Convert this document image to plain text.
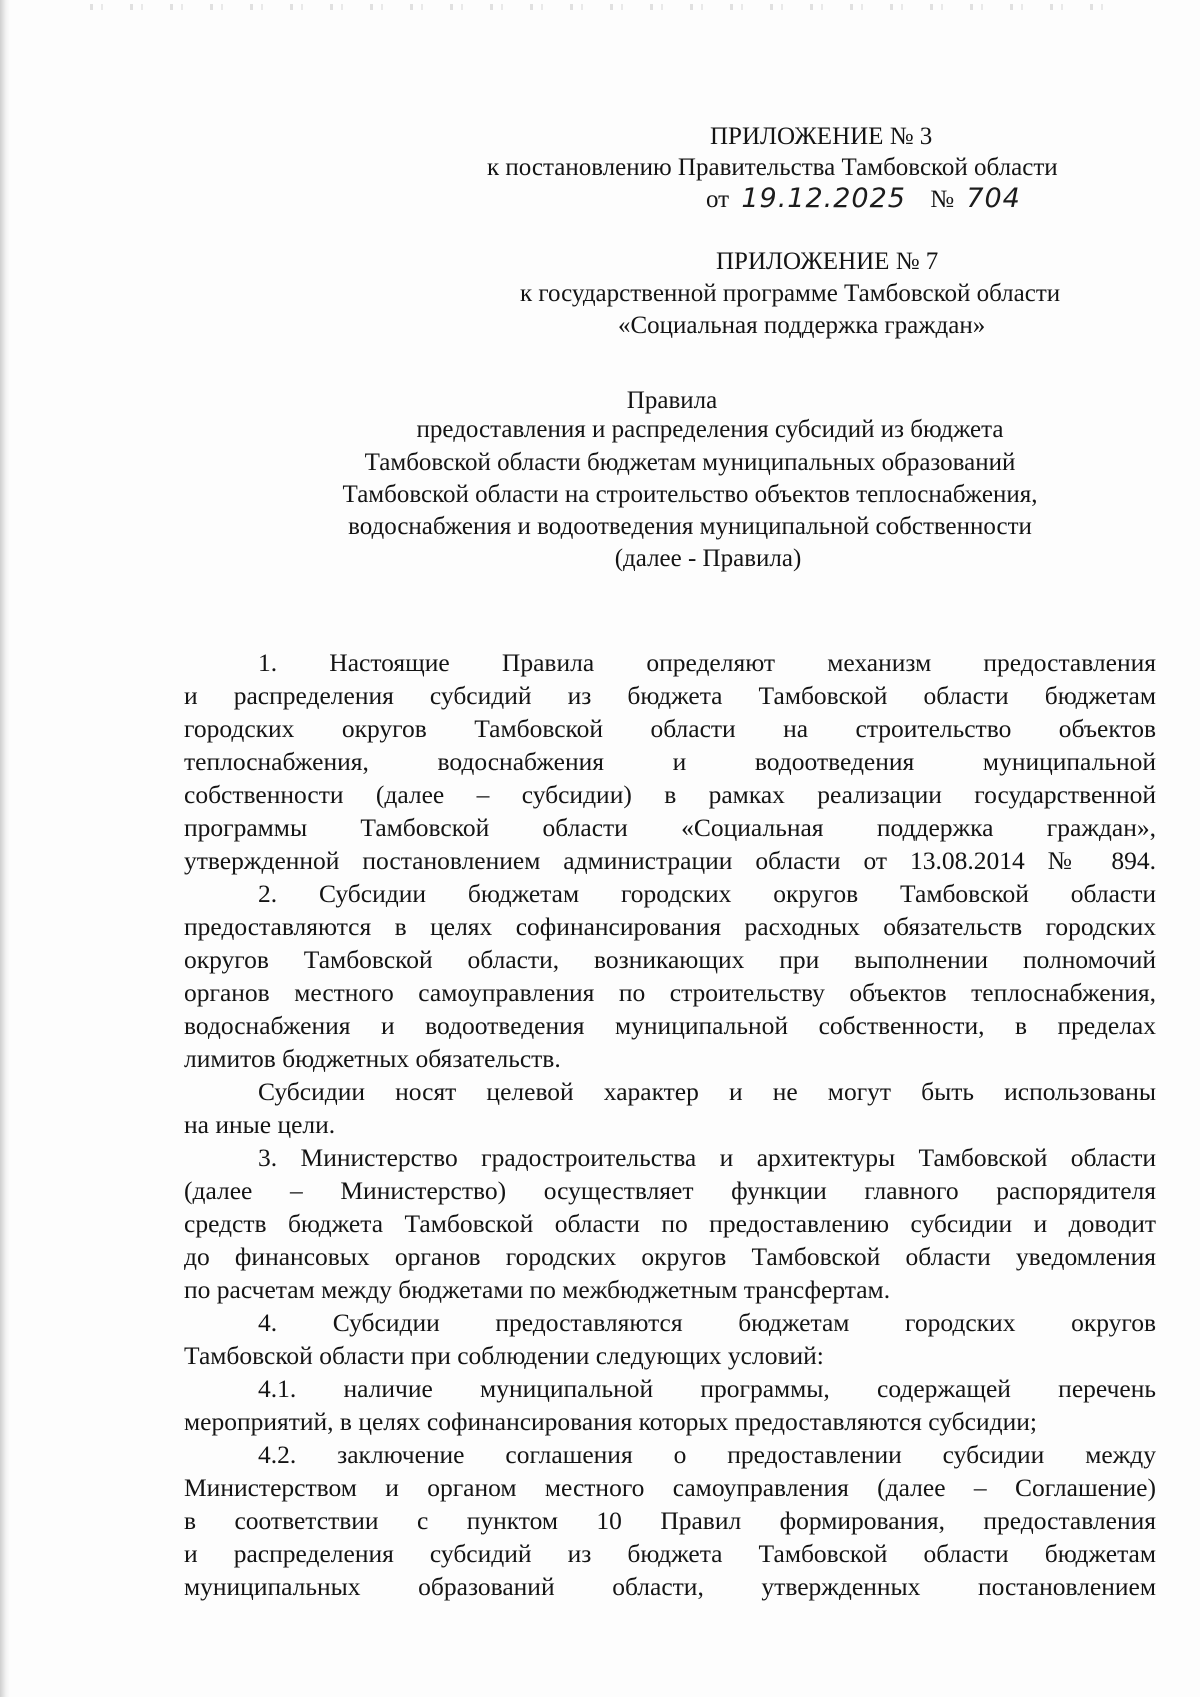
ПРИЛОЖЕНИЕ № 3
к постановлению Правительства Тамбовской области
от 19.12.2025 № 704
ПРИЛОЖЕНИЕ № 7
к государственной программе Тамбовской области
«Социальная поддержка граждан»
Правила
предоставления и распределения субсидий из бюджета
Тамбовской области бюджетам муниципальных образований
Тамбовской области на строительство объектов теплоснабжения,
водоснабжения и водоотведения муниципальной собственности
(далее - Правила)
1. Настоящие Правила определяют механизм предоставления
и распределения субсидий из бюджета Тамбовской области бюджетам
городских округов Тамбовской области на строительство объектов
теплоснабжения, водоснабжения и водоотведения муниципальной
собственности (далее – субсидии) в рамках реализации государственной
программы Тамбовской области «Социальная поддержка граждан»,
утвержденной постановлением администрации области от 13.08.2014 № 894.
2. Субсидии бюджетам городских округов Тамбовской области
предоставляются в целях софинансирования расходных обязательств городских
округов Тамбовской области, возникающих при выполнении полномочий
органов местного самоуправления по строительству объектов теплоснабжения,
водоснабжения и водоотведения муниципальной собственности, в пределах
лимитов бюджетных обязательств.
Субсидии носят целевой характер и не могут быть использованы
на иные цели.
3. Министерство градостроительства и архитектуры Тамбовской области
(далее – Министерство) осуществляет функции главного распорядителя
средств бюджета Тамбовской области по предоставлению субсидии и доводит
до финансовых органов городских округов Тамбовской области уведомления
по расчетам между бюджетами по межбюджетным трансфертам.
4. Субсидии предоставляются бюджетам городских округов
Тамбовской области при соблюдении следующих условий:
4.1. наличие муниципальной программы, содержащей перечень
мероприятий, в целях софинансирования которых предоставляются субсидии;
4.2. заключение соглашения о предоставлении субсидии между
Министерством и органом местного самоуправления (далее – Соглашение)
в соответствии с пунктом 10 Правил формирования, предоставления
и распределения субсидий из бюджета Тамбовской области бюджетам
муниципальных образований области, утвержденных постановлением
